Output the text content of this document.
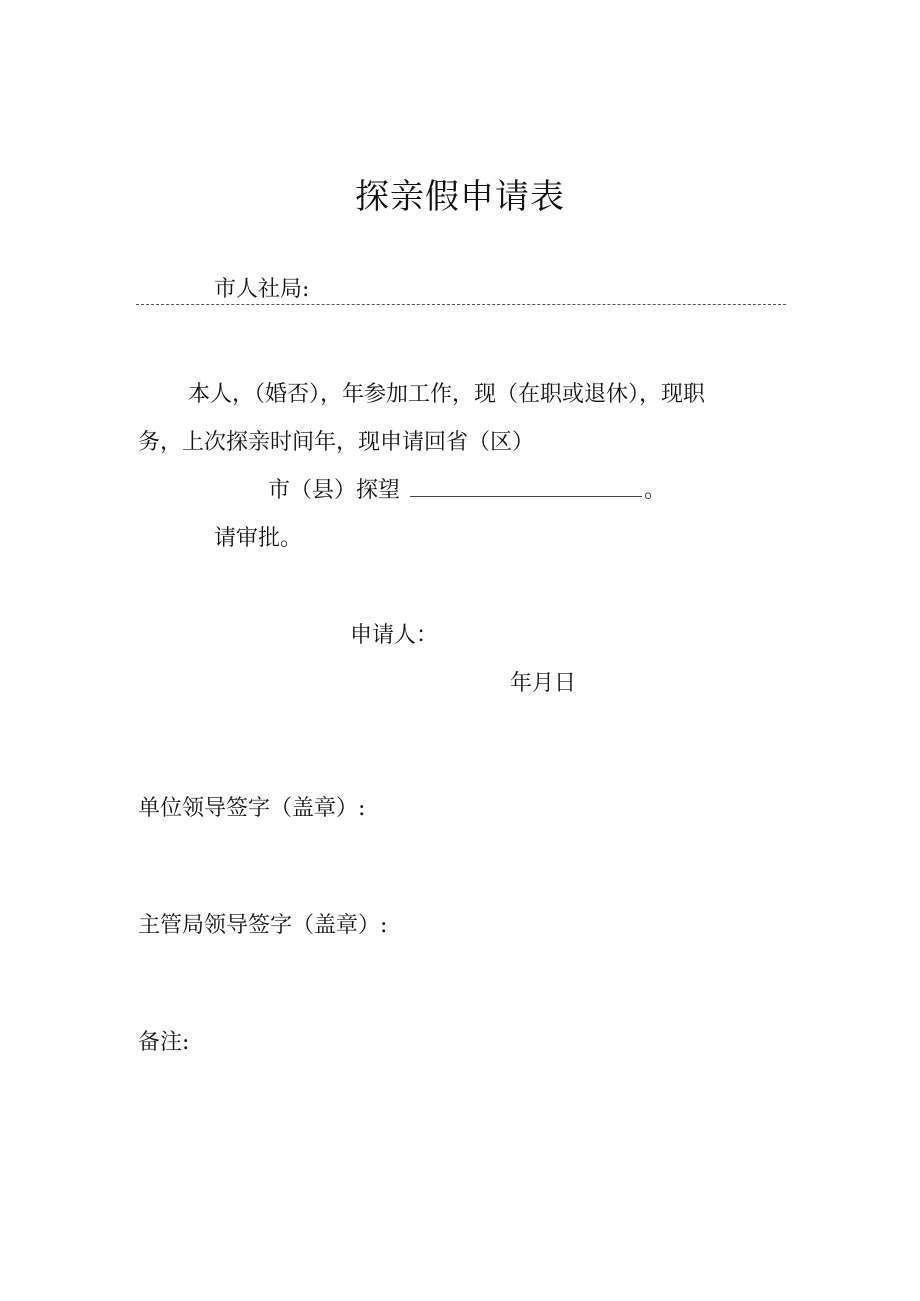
探亲假申请表
市人社局:
本人，（婚否），年参加工作，现（在职或退休），现职
务，上次探亲时间年，现申请回省（区）
市（县）探望	。
请审批。
申请人：
年月日
单位领导签字（盖章）:
主管局领导签字（盖章）:
备注:
